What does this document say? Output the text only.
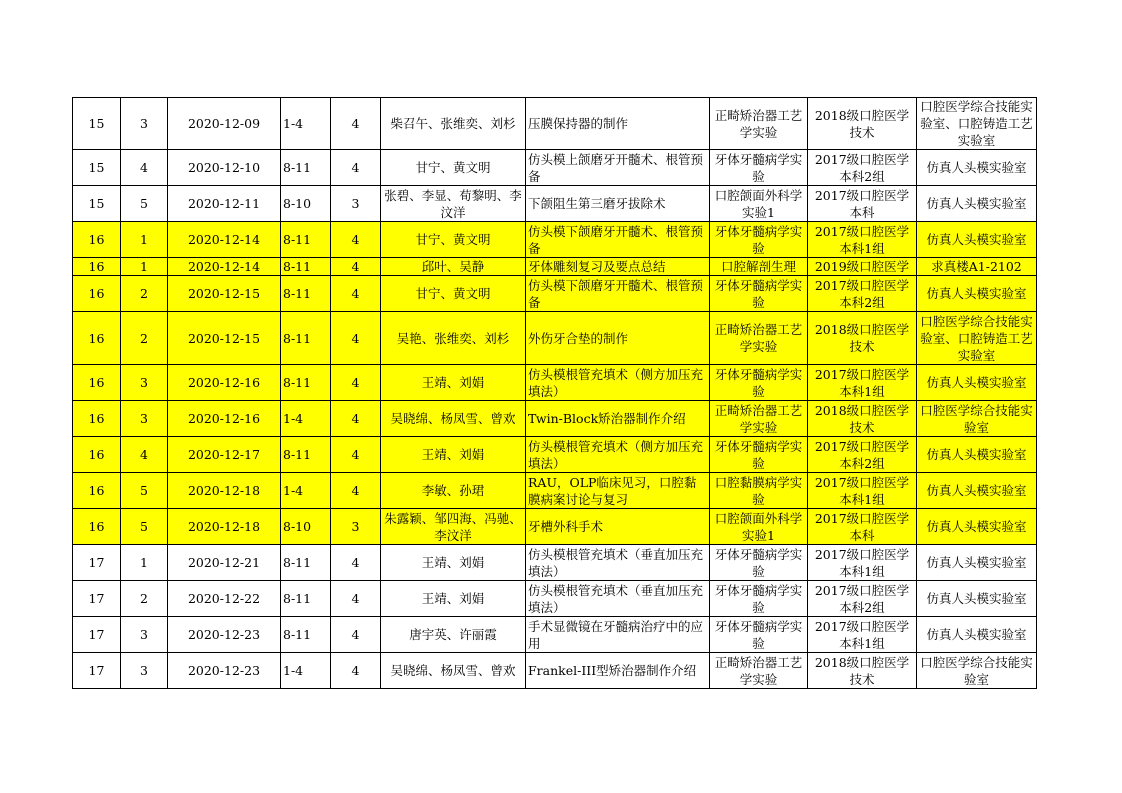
15	3	2020-12-09	1-4	4	柴召午、张维奕、刘杉	压膜保持器的制作	正畸矫治器工艺学实验	2018级口腔医学技术	口腔医学综合技能实验室、口腔铸造工艺实验室
15	4	2020-12-10	8-11	4	甘宁、黄文明	仿头模上颌磨牙开髓术、根管预备	牙体牙髓病学实验	2017级口腔医学本科2组	仿真人头模实验室
15	5	2020-12-11	8-10	3	张碧、李显、荀黎明、李汶洋	下颌阻生第三磨牙拔除术	口腔颌面外科学实验1	2017级口腔医学本科	仿真人头模实验室
16	1	2020-12-14	8-11	4	甘宁、黄文明	仿头模下颌磨牙开髓术、根管预备	牙体牙髓病学实验	2017级口腔医学本科1组	仿真人头模实验室
16	1	2020-12-14	8-11	4	邱叶、吴静	牙体雕刻复习及要点总结	口腔解剖生理	2019级口腔医学	求真楼A1-2102
16	2	2020-12-15	8-11	4	甘宁、黄文明	仿头模下颌磨牙开髓术、根管预备	牙体牙髓病学实验	2017级口腔医学本科2组	仿真人头模实验室
16	2	2020-12-15	8-11	4	吴艳、张维奕、刘杉	外伤牙合垫的制作	正畸矫治器工艺学实验	2018级口腔医学技术	口腔医学综合技能实验室、口腔铸造工艺实验室
16	3	2020-12-16	8-11	4	王靖、刘娟	仿头模根管充填术（侧方加压充填法）	牙体牙髓病学实验	2017级口腔医学本科1组	仿真人头模实验室
16	3	2020-12-16	1-4	4	吴晓绵、杨凤雪、曾欢	Twin-Block矫治器制作介绍	正畸矫治器工艺学实验	2018级口腔医学技术	口腔医学综合技能实验室
16	4	2020-12-17	8-11	4	王靖、刘娟	仿头模根管充填术（侧方加压充填法）	牙体牙髓病学实验	2017级口腔医学本科2组	仿真人头模实验室
16	5	2020-12-18	1-4	4	李敏、孙珺	RAU，OLP临床见习，口腔黏膜病案讨论与复习	口腔黏膜病学实验	2017级口腔医学本科1组	仿真人头模实验室
16	5	2020-12-18	8-10	3	朱露颖、邹四海、冯驰、李汶洋	牙槽外科手术	口腔颌面外科学实验1	2017级口腔医学本科	仿真人头模实验室
17	1	2020-12-21	8-11	4	王靖、刘娟	仿头模根管充填术（垂直加压充填法）	牙体牙髓病学实验	2017级口腔医学本科1组	仿真人头模实验室
17	2	2020-12-22	8-11	4	王靖、刘娟	仿头模根管充填术（垂直加压充填法）	牙体牙髓病学实验	2017级口腔医学本科2组	仿真人头模实验室
17	3	2020-12-23	8-11	4	唐宇英、许丽霞	手术显微镜在牙髓病治疗中的应用	牙体牙髓病学实验	2017级口腔医学本科1组	仿真人头模实验室
17	3	2020-12-23	1-4	4	吴晓绵、杨凤雪、曾欢	Frankel-III型矫治器制作介绍	正畸矫治器工艺学实验	2018级口腔医学技术	口腔医学综合技能实验室
